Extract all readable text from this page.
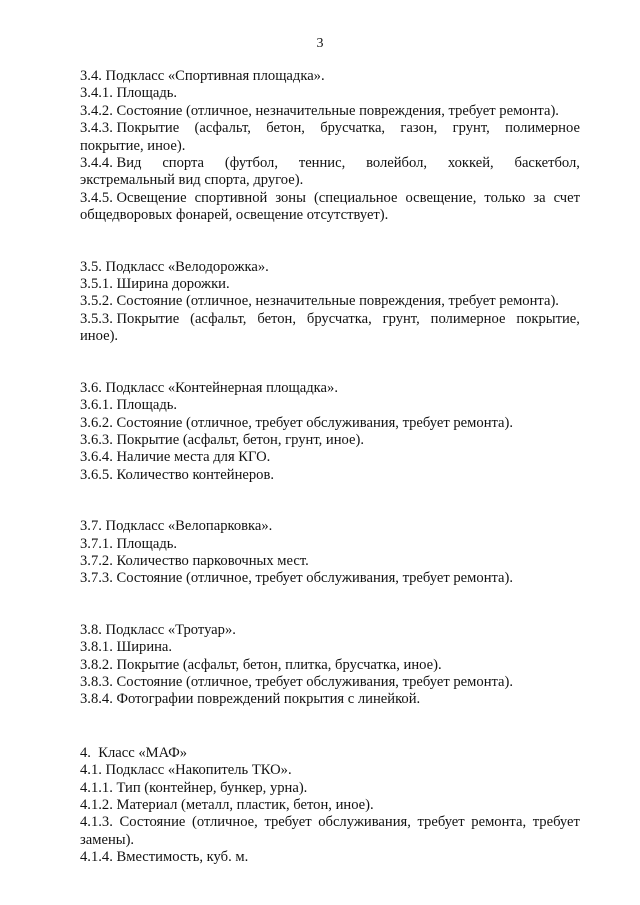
3

3.4. Подкласс «Спортивная площадка».

3.4.1. Площадь.

3.4.2. Состояние (отличное, незначительные повреждения, требует ремонта).

3.4.3. Покрытие (асфальт, бетон, брусчатка, газон, грунт, полимерное

покрытие, иное).

3.4.4. Вид спорта (футбол, теннис, волейбол, хоккей, баскетбол,

экстремальный вид спорта, другое).

3.4.5. Освещение спортивной зоны (специальное освещение, только за счет

общедворовых фонарей, освещение отсутствует).

3.5. Подкласс «Велодорожка».

3.5.1. Ширина дорожки.

3.5.2. Состояние (отличное, незначительные повреждения, требует ремонта).

3.5.3. Покрытие (асфальт, бетон, брусчатка, грунт, полимерное покрытие,

иное).

3.6. Подкласс «Контейнерная площадка».

3.6.1. Площадь.

3.6.2. Состояние (отличное, требует обслуживания, требует ремонта).

3.6.3. Покрытие (асфальт, бетон, грунт, иное).

3.6.4. Наличие места для КГО.

3.6.5. Количество контейнеров.

3.7. Подкласс «Велопарковка».

3.7.1. Площадь.

3.7.2. Количество парковочных мест.

3.7.3. Состояние (отличное, требует обслуживания, требует ремонта).

3.8. Подкласс «Тротуар».

3.8.1. Ширина.

3.8.2. Покрытие (асфальт, бетон, плитка, брусчатка, иное).

3.8.3. Состояние (отличное, требует обслуживания, требует ремонта).

3.8.4. Фотографии повреждений покрытия с линейкой.

4.  Класс «МАФ»

4.1. Подкласс «Накопитель ТКО».

4.1.1. Тип (контейнер, бункер, урна).

4.1.2. Материал (металл, пластик, бетон, иное).

4.1.3. Состояние (отличное, требует обслуживания, требует ремонта, требует

замены).

4.1.4. Вместимость, куб. м.
